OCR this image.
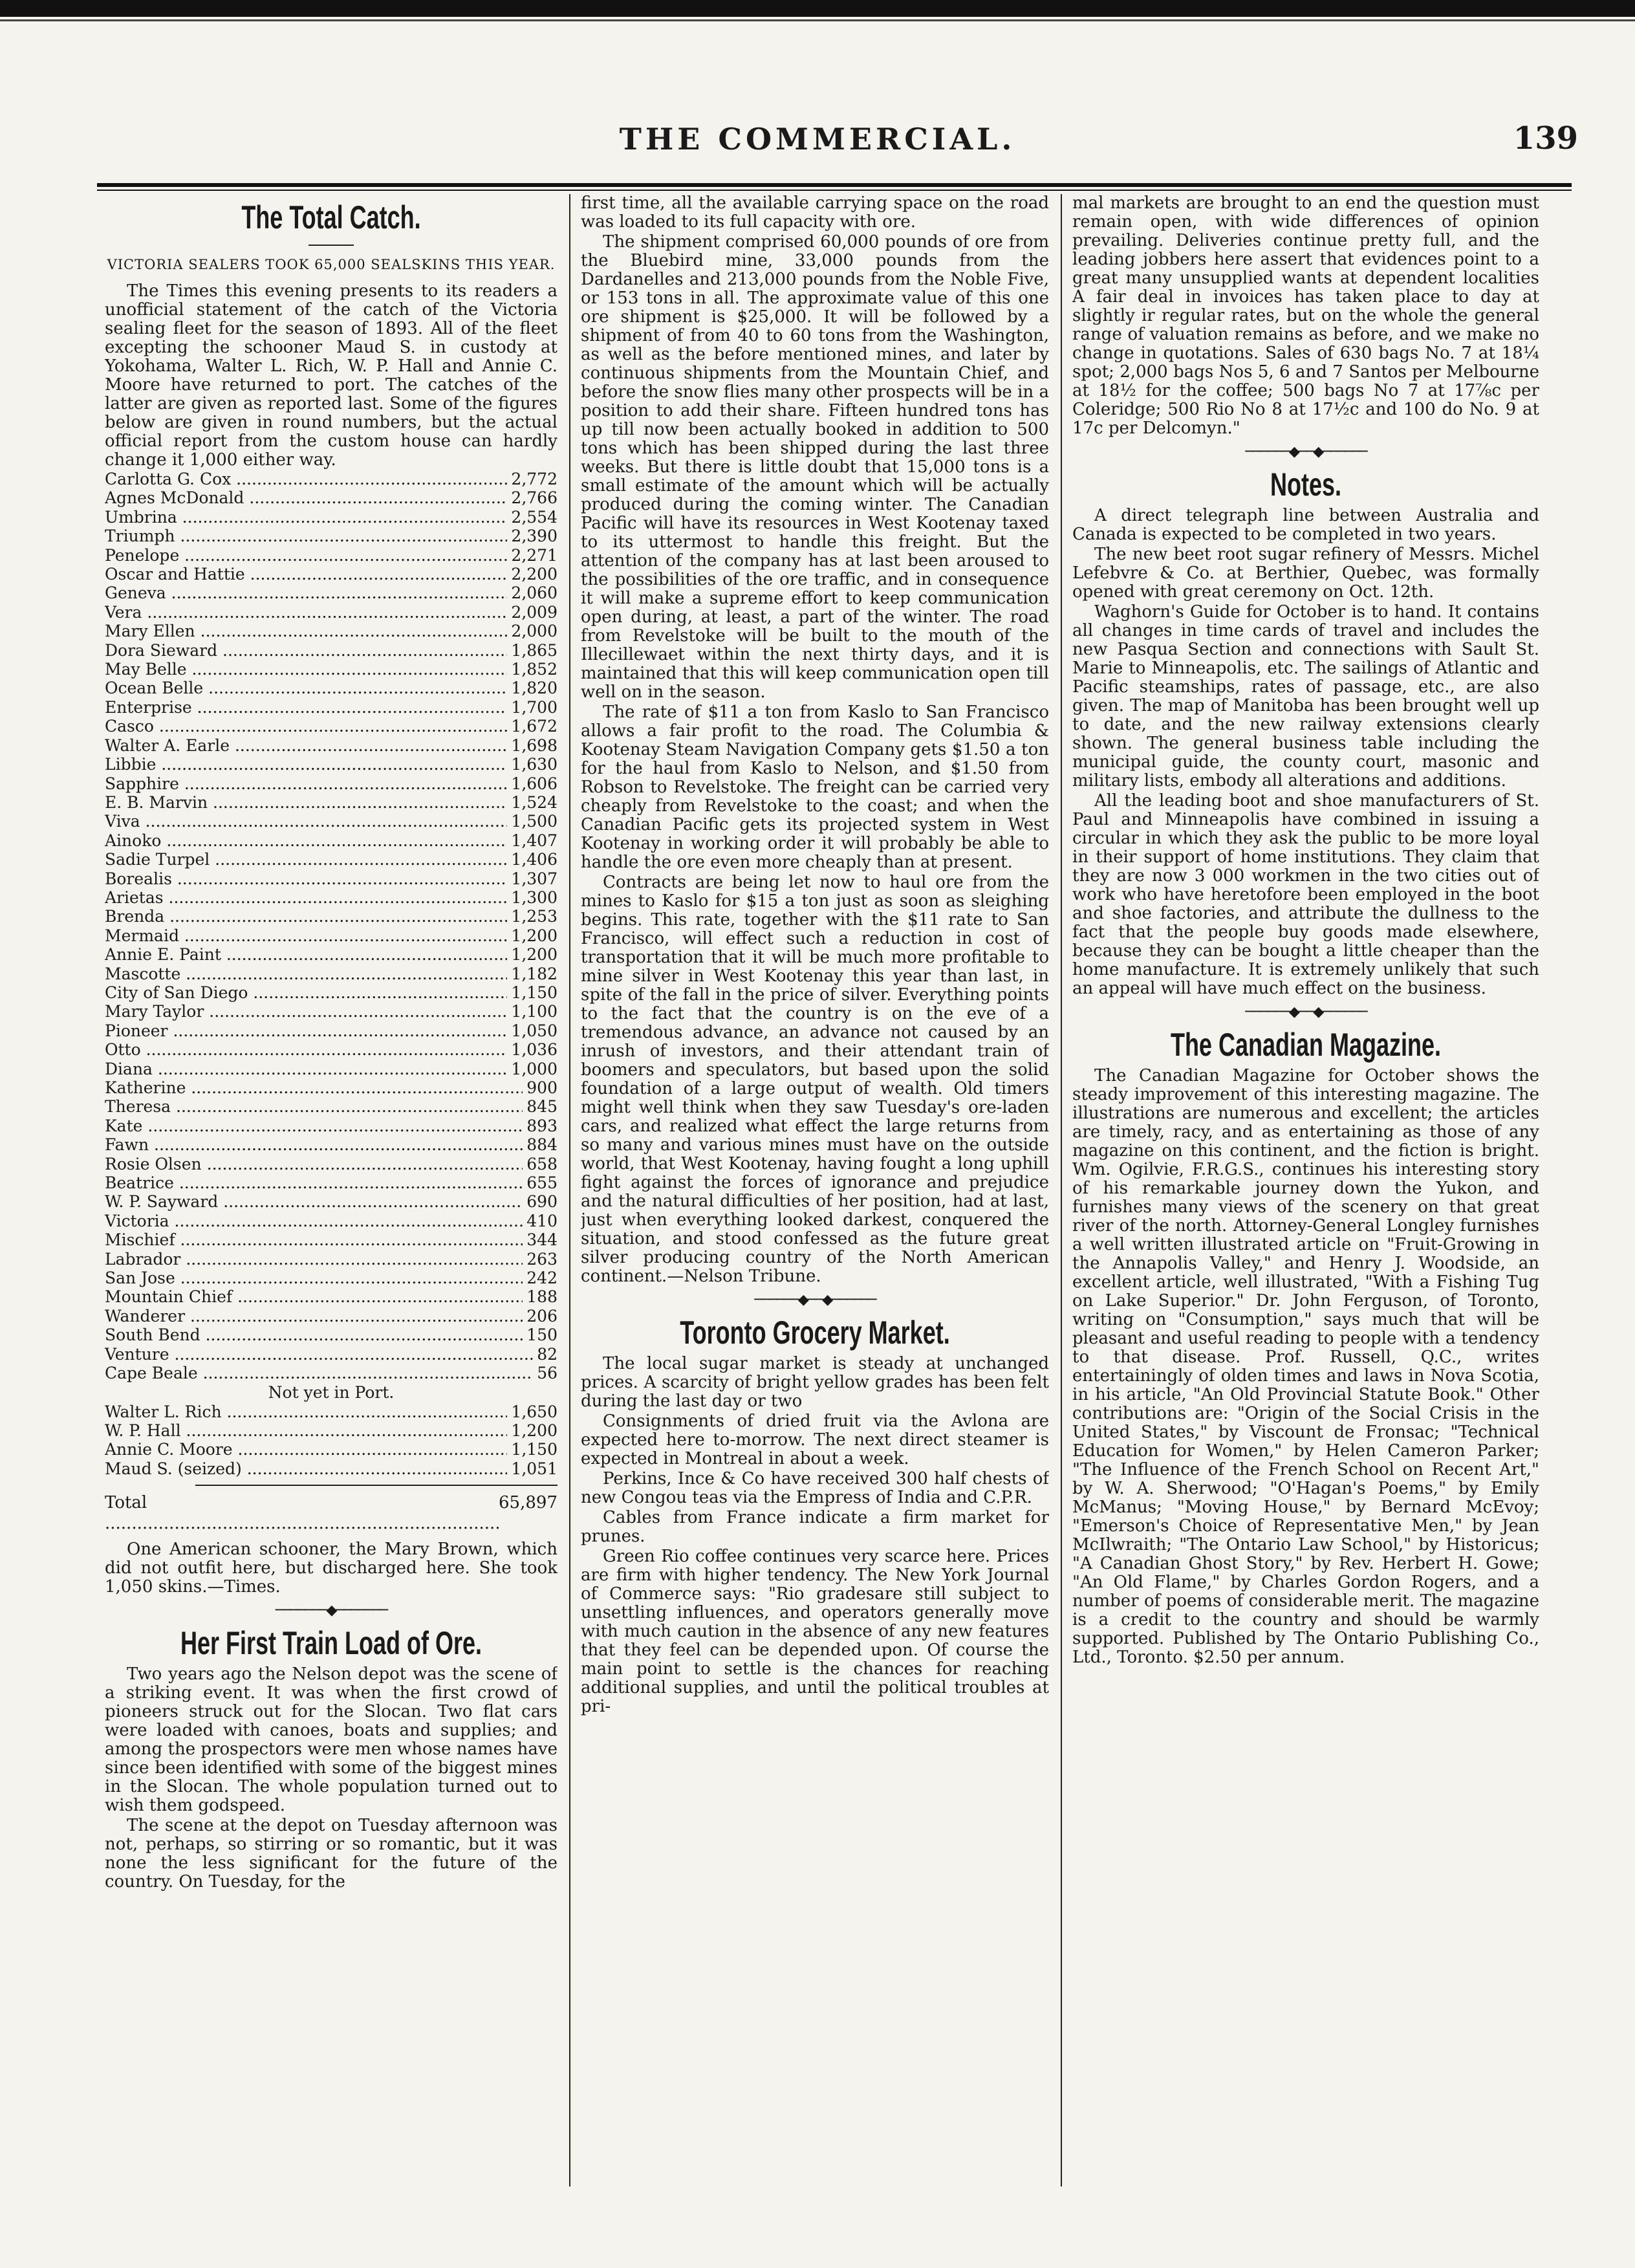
THE COMMERCIAL.	139
The Total Catch.
VICTORIA SEALERS TOOK 65,000 SEALSKINS THIS YEAR.

The Times this evening presents to its readers a unofficial statement of the catch of the Victoria sealing fleet for the season of 1893. All of the fleet excepting the schooner Maud S. in custody at Yokohama, Walter L. Rich, W. P. Hall and Annie C. Moore have returned to port. The catches of the latter are given as reported last. Some of the figures below are given in round numbers, but the actual official report from the custom house can hardly change it 1,000 either way.

Carlotta G. Cox .....	2,772
Agnes McDonald .....	2,766
Umbrina .....	2,554
Triumph .....	2,390
Penelope .....	2,271
Oscar and Hattie .....	2,200
Geneva .....	2,060
Vera .....	2,009
Mary Ellen .....	2,000
Dora Sieward .....	1,865
May Belle .....	1,852
Ocean Belle .....	1,820
Enterprise .....	1,700
Casco .....	1,672
Walter A. Earle .....	1,698
Libbie .....	1,630
Sapphire .....	1,606
E. B. Marvin .....	1,524
Viva .....	1,500
Ainoko .....	1,407
Sadie Turpel .....	1,406
Borealis .....	1,307
Arietas .....	1,300
Brenda .....	1,253
Mermaid .....	1,200
Annie E. Paint .....	1,200
Mascotte .....	1,182
City of San Diego .....	1,150
Mary Taylor .....	1,100
Pioneer .....	1,050
Otto .....	1,036
Diana .....	1,000
Katherine .....	900
Theresa .....	845
Kate .....	893
Fawn .....	884
Rosie Olsen .....	658
Beatrice .....	655
W. P. Sayward .....	690
Victoria .....	410
Mischief .....	344
Labrador .....	263
San Jose .....	242
Mountain Chief .....	188
Wanderer .....	206
South Bend .....	150
Venture .....	82
Cape Beale .....	56
Not yet in Port.
Walter L. Rich .....	1,650
W. P. Hall .....	1,200
Annie C. Moore .....	1,150
Maud S. (seized) .....	1,051
Total .....	65,897

One American schooner, the Mary Brown, which did not outfit here, but discharged here. She took 1,050 skins.—Times.

───────◆───────
Her First Train Load of Ore.

Two years ago the Nelson depot was the scene of a striking event. It was when the first crowd of pioneers struck out for the Slocan. Two flat cars were loaded with canoes, boats and supplies; and among the prospectors were men whose names have since been identified with some of the biggest mines in the Slocan. The whole population turned out to wish them godspeed.

The scene at the depot on Tuesday afternoon was not, perhaps, so stirring or so romantic, but it was none the less significant for the future of the country. On Tuesday, for the

first time, all the available carrying space on the road was loaded to its full capacity with ore.

The shipment comprised 60,000 pounds of ore from the Bluebird mine, 33,000 pounds from the Dardanelles and 213,000 pounds from the Noble Five, or 153 tons in all. The approximate value of this one ore shipment is $25,000. It will be followed by a shipment of from 40 to 60 tons from the Washington, as well as the before mentioned mines, and later by continuous shipments from the Mountain Chief, and before the snow flies many other prospects will be in a position to add their share. Fifteen hundred tons has up till now been actually booked in addition to 500 tons which has been shipped during the last three weeks. But there is little doubt that 15,000 tons is a small estimate of the amount which will be actually produced during the coming winter. The Canadian Pacific will have its resources in West Kootenay taxed to its uttermost to handle this freight. But the attention of the company has at last been aroused to the possibilities of the ore traffic, and in consequence it will make a supreme effort to keep communication open during, at least, a part of the winter. The road from Revelstoke will be built to the mouth of the Illecillewaet within the next thirty days, and it is maintained that this will keep communication open till well on in the season.

The rate of $11 a ton from Kaslo to San Francisco allows a fair profit to the road. The Columbia & Kootenay Steam Navigation Company gets $1.50 a ton for the haul from Kaslo to Nelson, and $1.50 from Robson to Revelstoke. The freight can be carried very cheaply from Revelstoke to the coast; and when the Canadian Pacific gets its projected system in West Kootenay in working order it will probably be able to handle the ore even more cheaply than at present.

Contracts are being let now to haul ore from the mines to Kaslo for $15 a ton just as soon as sleighing begins. This rate, together with the $11 rate to San Francisco, will effect such a reduction in cost of transportation that it will be much more profitable to mine silver in West Kootenay this year than last, in spite of the fall in the price of silver. Everything points to the fact that the country is on the eve of a tremendous advance, an advance not caused by an inrush of investors, and their attendant train of boomers and speculators, but based upon the solid foundation of a large output of wealth. Old timers might well think when they saw Tuesday's ore-laden cars, and realized what effect the large returns from so many and various mines must have on the outside world, that West Kootenay, having fought a long uphill fight against the forces of ignorance and prejudice and the natural difficulties of her position, had at last, just when everything looked darkest, conquered the situation, and stood confessed as the future great silver producing country of the North American continent.—Nelson Tribune.

──────◆──◆──────
Toronto Grocery Market.

The local sugar market is steady at unchanged prices. A scarcity of bright yellow grades has been felt during the last day or two

Consignments of dried fruit via the Avlona are expected here to-morrow. The next direct steamer is expected in Montreal in about a week.

Perkins, Ince & Co have received 300 half chests of new Congou teas via the Empress of India and C.P.R.

Cables from France indicate a firm market for prunes.

Green Rio coffee continues very scarce here. Prices are firm with higher tendency. The New York Journal of Commerce says: "Rio gradesare still subject to unsettling influences, and operators generally move with much caution in the absence of any new features that they feel can be depended upon. Of course the main point to settle is the chances for reaching additional supplies, and until the political troubles at pri-

mal markets are brought to an end the question must remain open, with wide differences of opinion prevailing. Deliveries continue pretty full, and the leading jobbers here assert that evidences point to a great many unsupplied wants at dependent localities A fair deal in invoices has taken place to day at slightly ir regular rates, but on the whole the general range of valuation remains as before, and we make no change in quotations. Sales of 630 bags No. 7 at 18¼ spot; 2,000 bags Nos 5, 6 and 7 Santos per Melbourne at 18½ for the coffee; 500 bags No 7 at 17⅞c per Coleridge; 500 Rio No 8 at 17½c and 100 do No. 9 at 17c per Delcomyn."

──────◆──◆──────
Notes.

A direct telegraph line between Australia and Canada is expected to be completed in two years.

The new beet root sugar refinery of Messrs. Michel Lefebvre & Co. at Berthier, Quebec, was formally opened with great ceremony on Oct. 12th.

Waghorn's Guide for October is to hand. It contains all changes in time cards of travel and includes the new Pasqua Section and connections with Sault St. Marie to Minneapolis, etc. The sailings of Atlantic and Pacific steamships, rates of passage, etc., are also given. The map of Manitoba has been brought well up to date, and the new railway extensions clearly shown. The general business table including the municipal guide, the county court, masonic and military lists, embody all alterations and additions.

All the leading boot and shoe manufacturers of St. Paul and Minneapolis have combined in issuing a circular in which they ask the public to be more loyal in their support of home institutions. They claim that they are now 3 000 workmen in the two cities out of work who have heretofore been employed in the boot and shoe factories, and attribute the dullness to the fact that the people buy goods made elsewhere, because they can be bought a little cheaper than the home manufacture. It is extremely unlikely that such an appeal will have much effect on the business.

──────◆──◆──────
The Canadian Magazine.

The Canadian Magazine for October shows the steady improvement of this interesting magazine. The illustrations are numerous and excellent; the articles are timely, racy, and as entertaining as those of any magazine on this continent, and the fiction is bright. Wm. Ogilvie, F.R.G.S., continues his interesting story of his remarkable journey down the Yukon, and furnishes many views of the scenery on that great river of the north. Attorney-General Longley furnishes a well written illustrated article on "Fruit-Growing in the Annapolis Valley," and Henry J. Woodside, an excellent article, well illustrated, "With a Fishing Tug on Lake Superior." Dr. John Ferguson, of Toronto, writing on "Consumption," says much that will be pleasant and useful reading to people with a tendency to that disease. Prof. Russell, Q.C., writes entertainingly of olden times and laws in Nova Scotia, in his article, "An Old Provincial Statute Book." Other contributions are: "Origin of the Social Crisis in the United States," by Viscount de Fronsac; "Technical Education for Women," by Helen Cameron Parker; "The Influence of the French School on Recent Art," by W. A. Sherwood; "O'Hagan's Poems," by Emily McManus; "Moving House," by Bernard McEvoy; "Emerson's Choice of Representative Men," by Jean McIlwraith; "The Ontario Law School," by Historicus; "A Canadian Ghost Story," by Rev. Herbert H. Gowe; "An Old Flame," by Charles Gordon Rogers, and a number of poems of considerable merit. The magazine is a credit to the country and should be warmly supported. Published by The Ontario Publishing Co., Ltd., Toronto. $2.50 per annum.
